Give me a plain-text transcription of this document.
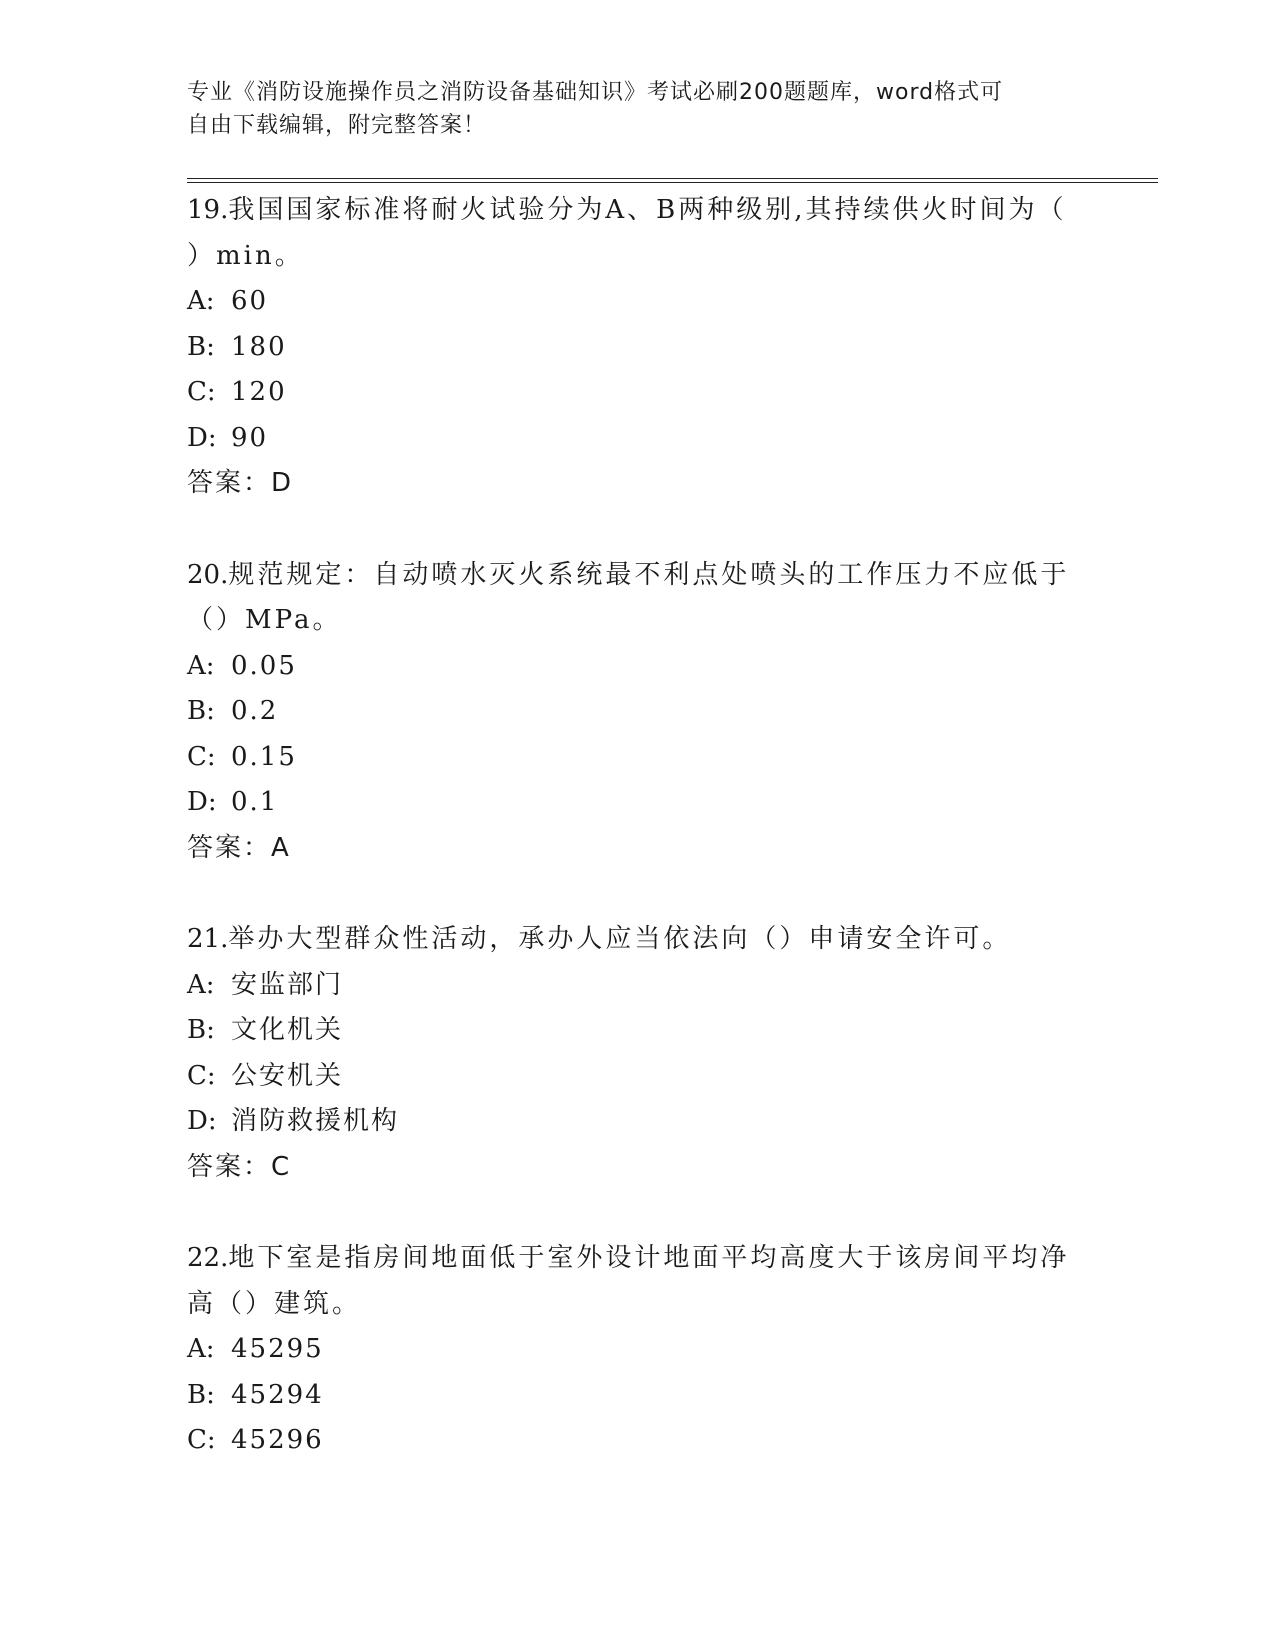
专业《消防设施操作员之消防设备基础知识》考试必刷200题题库，word格式可
自由下载编辑，附完整答案！
19.我国国家标准将耐火试验分为A、B两种级别,其持续供火时间为（
）min。
A: 60
B: 180
C: 120
D: 90
答案：D
20.规范规定：自动喷水灭火系统最不利点处喷头的工作压力不应低于
（）MPa。
A: 0.05
B: 0.2
C: 0.15
D: 0.1
答案：A
21.举办大型群众性活动，承办人应当依法向（）申请安全许可。
A: 安监部门
B: 文化机关
C: 公安机关
D: 消防救援机构
答案：C
22.地下室是指房间地面低于室外设计地面平均高度大于该房间平均净
高（）建筑。
A: 45295
B: 45294
C: 45296
